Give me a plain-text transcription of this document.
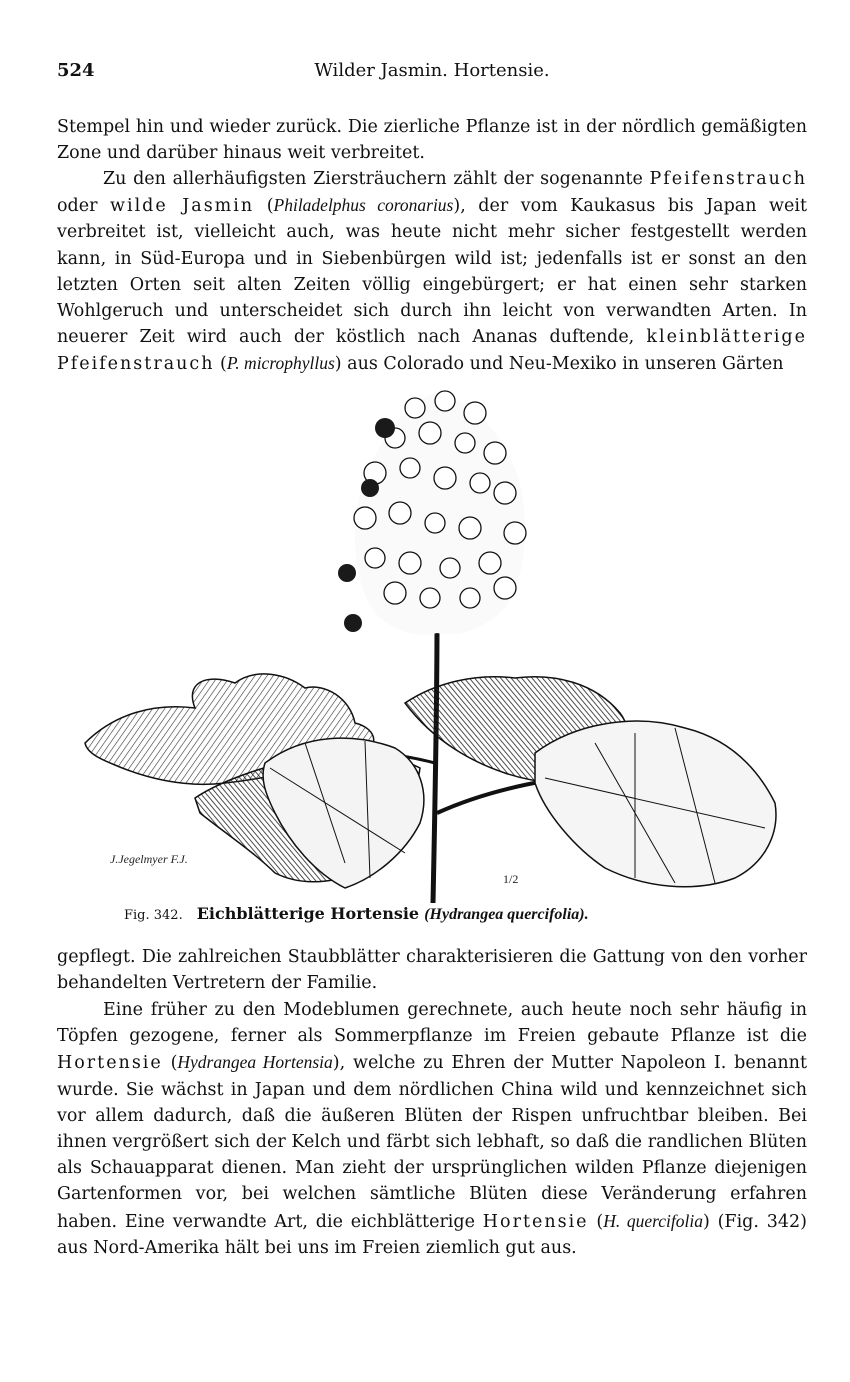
524	Wilder Jasmin. Hortensie.

Stempel hin und wieder zurück. Die zierliche Pflanze ist in der nördlich gemäßigten Zone und darüber hinaus weit verbreitet.

Zu den allerhäufigsten Ziersträuchern zählt der sogenannte Pfeifenstrauch oder wilde Jasmin (Philadelphus coronarius), der vom Kaukasus bis Japan weit verbreitet ist, vielleicht auch, was heute nicht mehr sicher festgestellt werden kann, in Süd-Europa und in Siebenbürgen wild ist; jedenfalls ist er sonst an den letzten Orten seit alten Zeiten völlig eingebürgert; er hat einen sehr starken Wohlgeruch und unterscheidet sich durch ihn leicht von verwandten Arten. In neuerer Zeit wird auch der köstlich nach Ananas duftende, kleinblätterige Pfeifenstrauch (P. microphyllus) aus Colorado und Neu-Mexiko in unseren Gärten

J.Jegelmyer F.J.
1/2
Fig. 342. Eichblätterige Hortensie (Hydrangea quercifolia).

gepflegt. Die zahlreichen Staubblätter charakterisieren die Gattung von den vorher behandelten Vertretern der Familie.

Eine früher zu den Modeblumen gerechnete, auch heute noch sehr häufig in Töpfen gezogene, ferner als Sommerpflanze im Freien gebaute Pflanze ist die Hortensie (Hydrangea Hortensia), welche zu Ehren der Mutter Napoleon I. benannt wurde. Sie wächst in Japan und dem nördlichen China wild und kennzeichnet sich vor allem dadurch, daß die äußeren Blüten der Rispen unfruchtbar bleiben. Bei ihnen vergrößert sich der Kelch und färbt sich lebhaft, so daß die randlichen Blüten als Schauapparat dienen. Man zieht der ursprünglichen wilden Pflanze diejenigen Gartenformen vor, bei welchen sämtliche Blüten diese Veränderung erfahren haben. Eine verwandte Art, die eichblätterige Hortensie (H. quercifolia) (Fig. 342) aus Nord-Amerika hält bei uns im Freien ziemlich gut aus.
